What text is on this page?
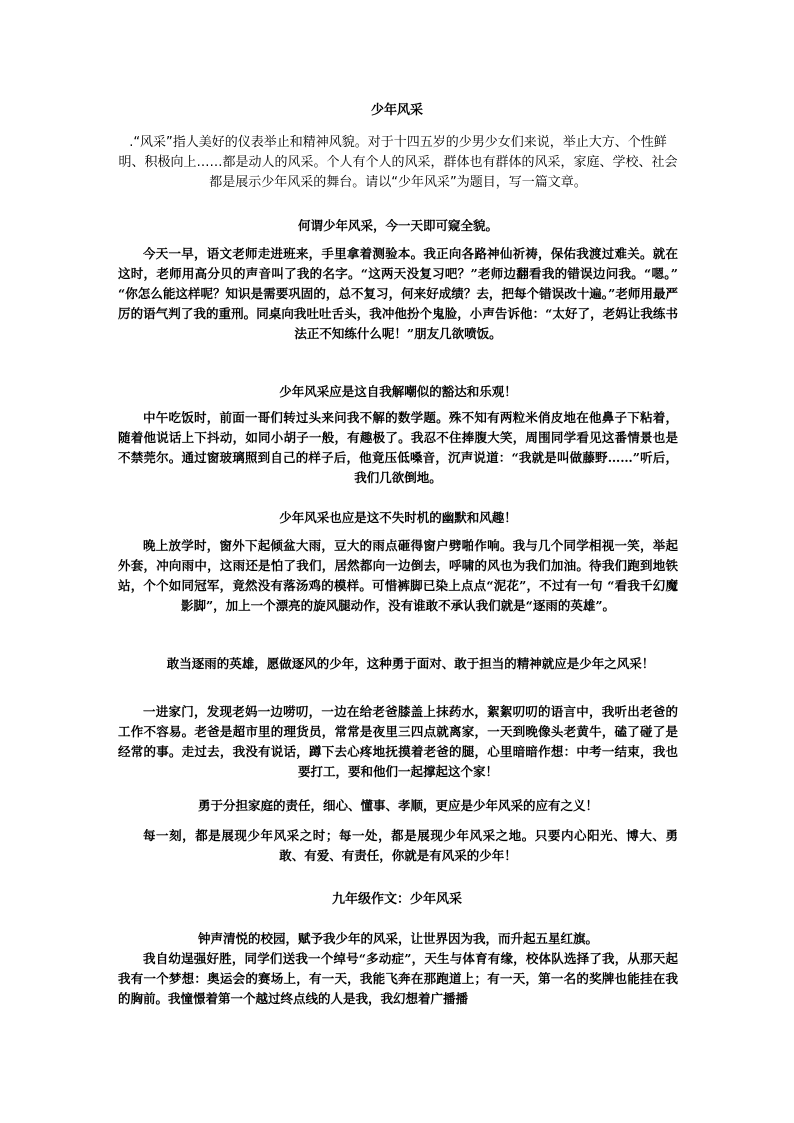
少年风采
.“风采”指人美好的仪表举止和精神风貌。对于十四五岁的少男少女们来说，举止大方、个性鲜明、积极向上……都是动人的风采。个人有个人的风采，群体也有群体的风采，家庭、学校、社会都是展示少年风采的舞台。请以“少年风采”为题目，写一篇文章。
何谓少年风采，今一天即可窥全貌。
今天一早，语文老师走进班来，手里拿着测验本。我正向各路神仙祈祷，保佑我渡过难关。就在这时，老师用高分贝的声音叫了我的名字。“这两天没复习吧？”老师边翻看我的错误边问我。“嗯。” “你怎么能这样呢？知识是需要巩固的，总不复习，何来好成绩？去，把每个错误改十遍。”老师用最严厉的语气判了我的重刑。同桌向我吐吐舌头，我冲他扮个鬼脸，小声告诉他：“太好了，老妈让我练书法正不知练什么呢！”朋友几欲喷饭。
少年风采应是这自我解嘲似的豁达和乐观！
中午吃饭时，前面一哥们转过头来问我不解的数学题。殊不知有两粒米俏皮地在他鼻子下粘着，随着他说话上下抖动，如同小胡子一般，有趣极了。我忍不住捧腹大笑，周围同学看见这番情景也是不禁莞尔。通过窗玻璃照到自己的样子后，他竟压低嗓音，沉声说道：“我就是叫做藤野……”听后，我们几欲倒地。
少年风采也应是这不失时机的幽默和风趣！
晚上放学时，窗外下起倾盆大雨，豆大的雨点砸得窗户劈啪作响。我与几个同学相视一笑，举起外套，冲向雨中，这雨还是怕了我们，居然都向一边倒去，呼啸的风也为我们加油。待我们跑到地铁站，个个如同冠军，竟然没有落汤鸡的模样。可惜裤脚已染上点点“泥花”，不过有一句 “看我千幻魔影脚”，加上一个漂亮的旋风腿动作，没有谁敢不承认我们就是“逐雨的英雄”。
敢当逐雨的英雄，愿做逐风的少年，这种勇于面对、敢于担当的精神就应是少年之风采！
一进家门，发现老妈一边唠叨，一边在给老爸膝盖上抹药水，絮絮叨叨的语言中，我听出老爸的工作不容易。老爸是超市里的理货员，常常是夜里三四点就离家，一天到晚像头老黄牛，磕了碰了是经常的事。走过去，我没有说话，蹲下去心疼地抚摸着老爸的腿，心里暗暗作想：中考一结束，我也要打工，要和他们一起撑起这个家！
勇于分担家庭的责任，细心、懂事、孝顺，更应是少年风采的应有之义！
每一刻，都是展现少年风采之时；每一处，都是展现少年风采之地。只要内心阳光、博大、勇敢、有爱、有责任，你就是有风采的少年！
九年级作文：少年风采
钟声清悦的校园，赋予我少年的风采，让世界因为我，而升起五星红旗。
我自幼逞强好胜，同学们送我一个绰号“多动症”，天生与体育有缘，校体队选择了我，从那天起我有一个梦想：奥运会的赛场上，有一天，我能飞奔在那跑道上；有一天，第一名的奖牌也能挂在我的胸前。我憧憬着第一个越过终点线的人是我，我幻想着广播播
